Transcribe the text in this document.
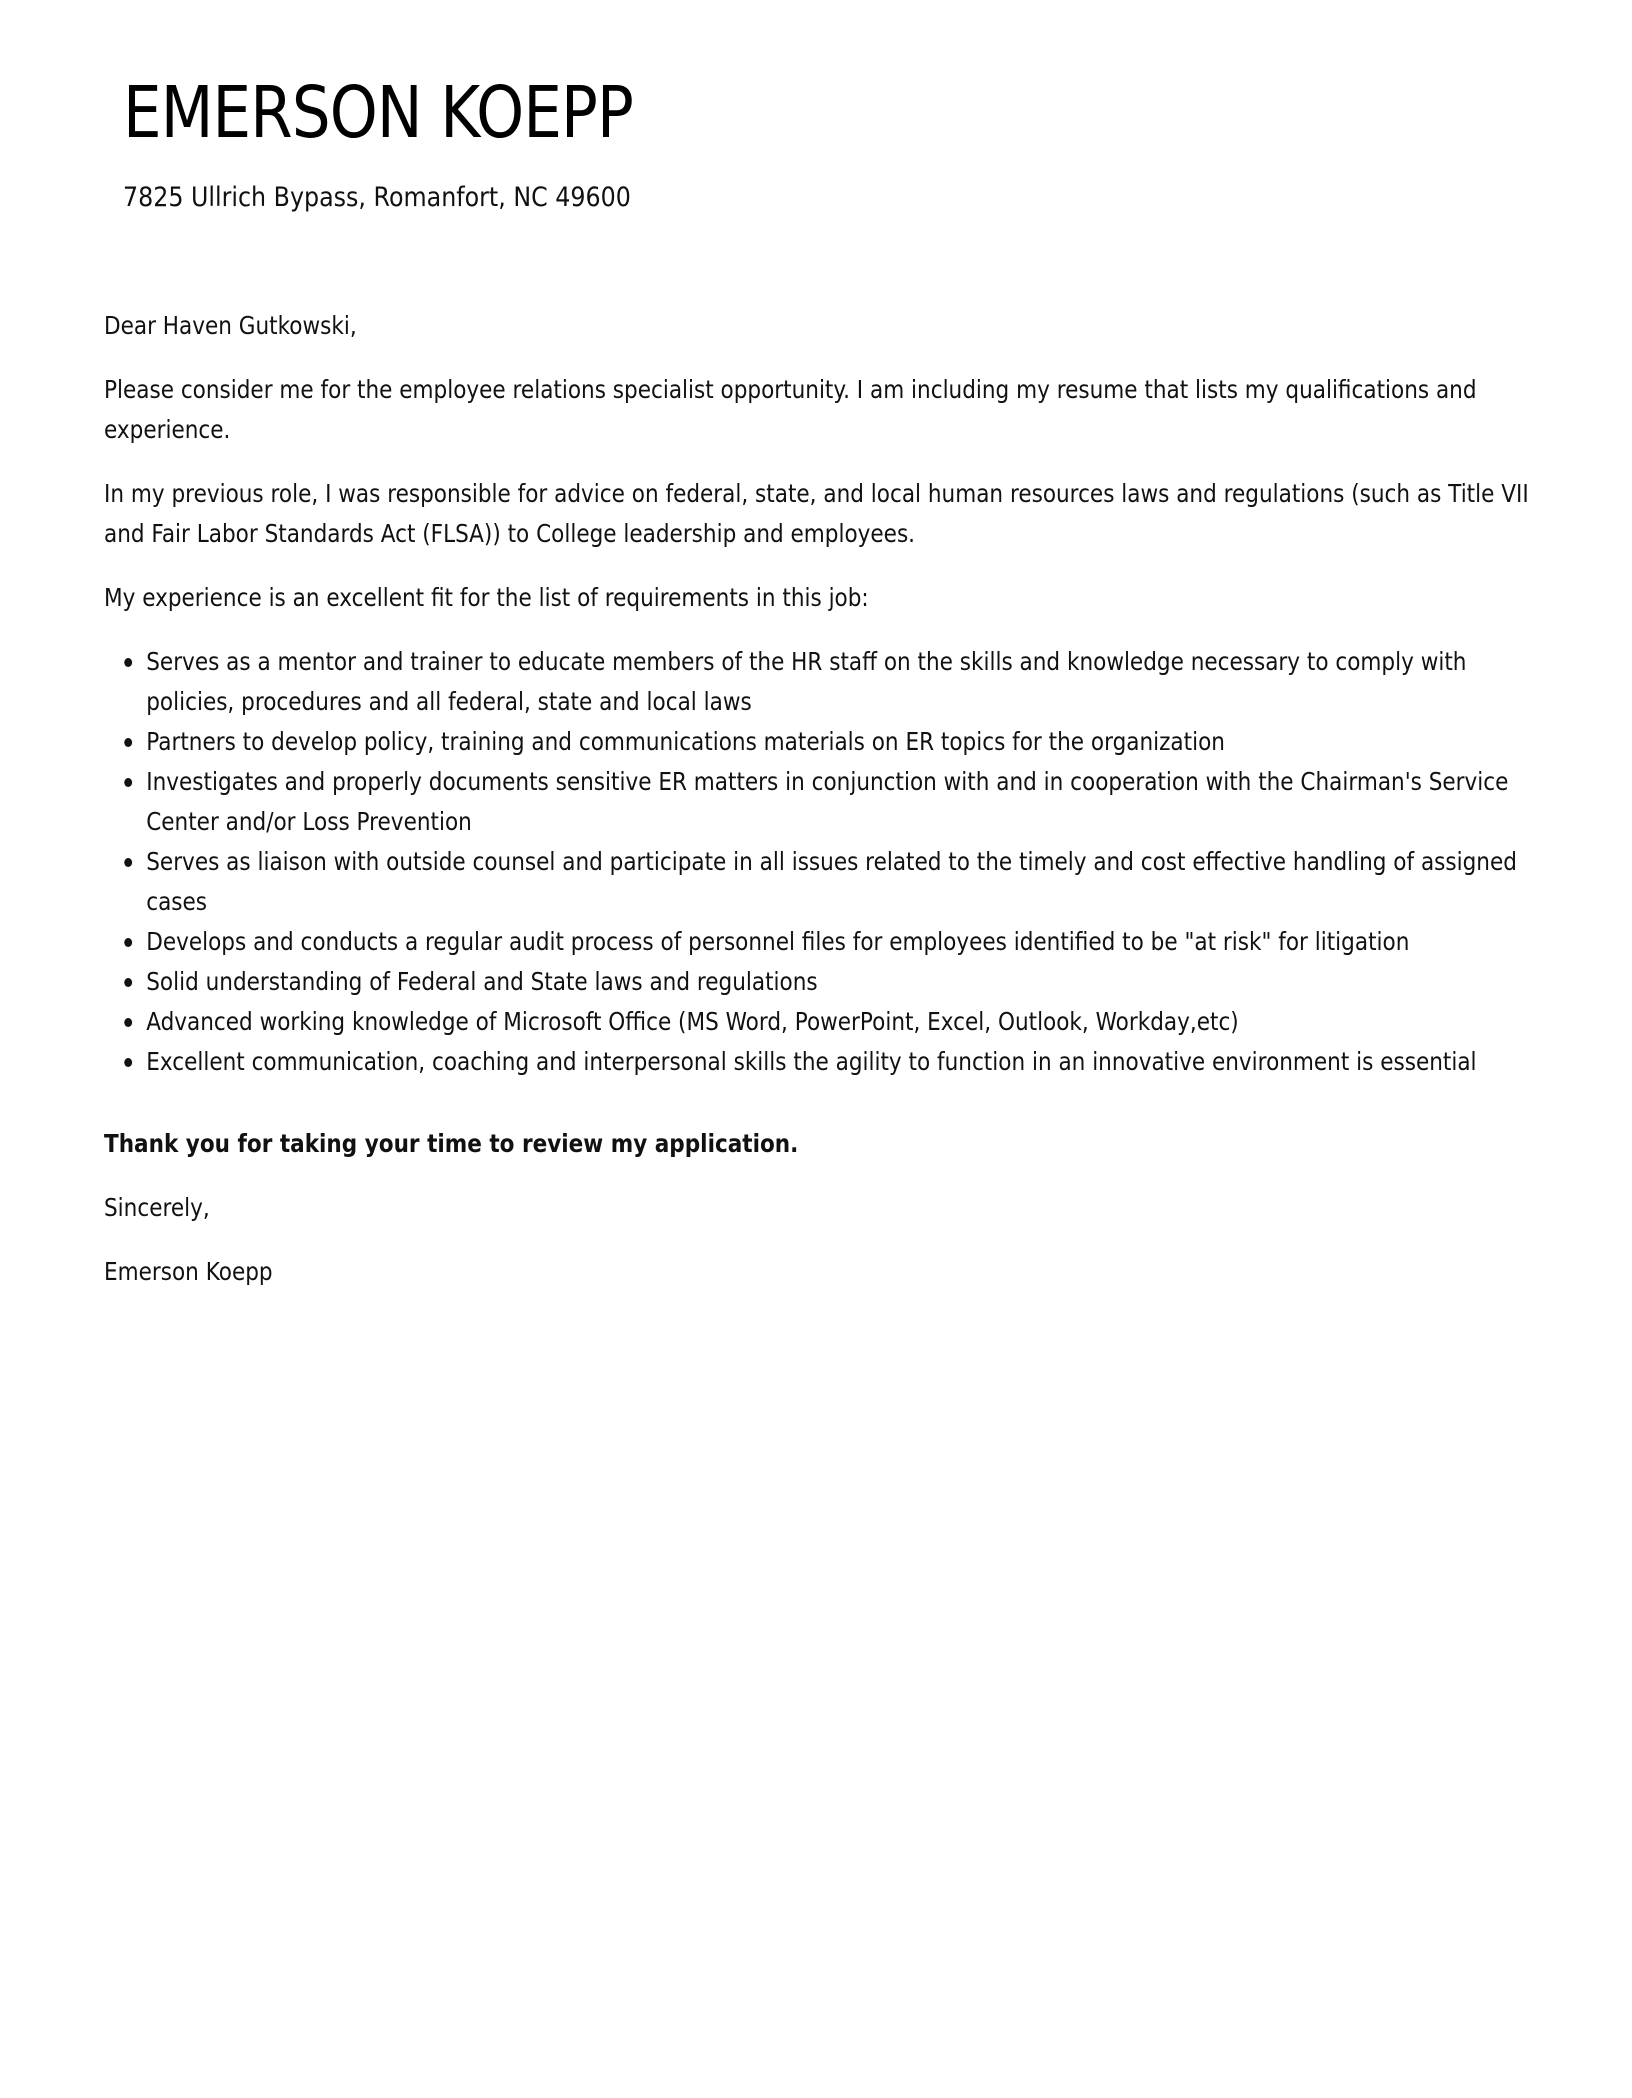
EMERSON KOEPP
7825 Ullrich Bypass, Romanfort, NC 49600

Dear Haven Gutkowski,

Please consider me for the employee relations specialist opportunity. I am including my resume that lists my qualifications and experience.

In my previous role, I was responsible for advice on federal, state, and local human resources laws and regulations (such as Title VII and Fair Labor Standards Act (FLSA)) to College leadership and employees.

My experience is an excellent fit for the list of requirements in this job:

Serves as a mentor and trainer to educate members of the HR staff on the skills and knowledge necessary to comply with policies, procedures and all federal, state and local laws
Partners to develop policy, training and communications materials on ER topics for the organization
Investigates and properly documents sensitive ER matters in conjunction with and in cooperation with the Chairman's Service Center and/or Loss Prevention
Serves as liaison with outside counsel and participate in all issues related to the timely and cost effective handling of assigned cases
Develops and conducts a regular audit process of personnel files for employees identified to be "at risk" for litigation
Solid understanding of Federal and State laws and regulations
Advanced working knowledge of Microsoft Office (MS Word, PowerPoint, Excel, Outlook, Workday,etc)
Excellent communication, coaching and interpersonal skills the agility to function in an innovative environment is essential

Thank you for taking your time to review my application.

Sincerely,

Emerson Koepp
